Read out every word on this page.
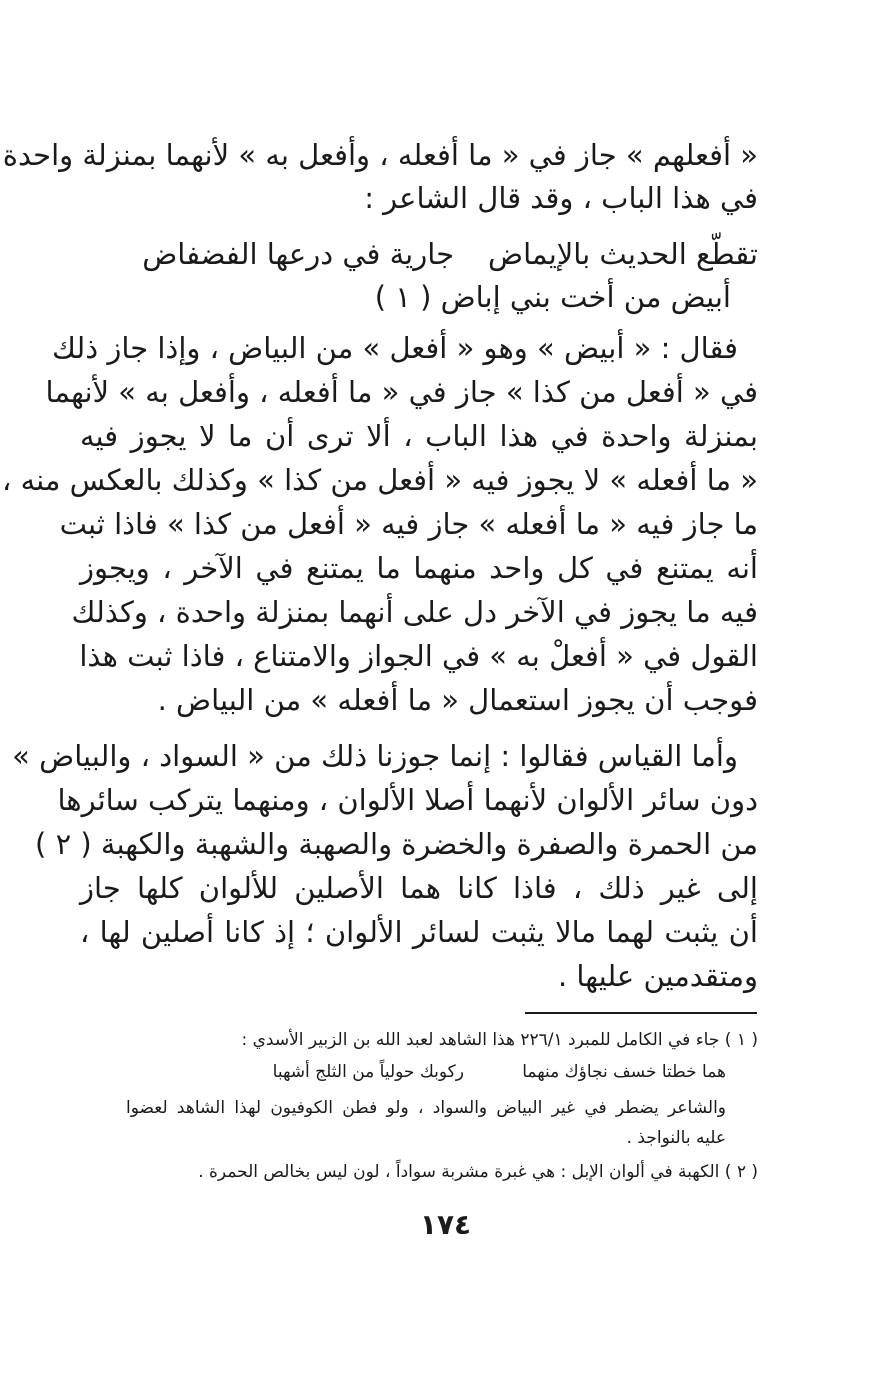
« أفعلهم » جاز في « ما أفعله ، وأفعل به » لأنهما بمنزلة واحدة
في هذا الباب ، وقد قال الشاعر :
جارية في درعها الفضفاض تقطّع الحديث بالإيماض
أبيض من أخت بني إباض ( ١ )
فقال : « أبيض » وهو « أفعل » من البياض ، وإذا جاز ذلك
في « أفعل من كذا » جاز في « ما أفعله ، وأفعل به » لأنهما
بمنزلة واحدة في هذا الباب ، ألا ترى أن ما لا يجوز فيه
« ما أفعله » لا يجوز فيه « أفعل من كذا » وكذلك بالعكس منه ،
ما جاز فيه « ما أفعله » جاز فيه « أفعل من كذا » فاذا ثبت
أنه يمتنع في كل واحد منهما ما يمتنع في الآخر ، ويجوز
فيه ما يجوز في الآخر دل على أنهما بمنزلة واحدة ، وكذلك
القول في « أفعلْ به » في الجواز والامتناع ، فاذا ثبت هذا
فوجب أن يجوز استعمال « ما أفعله » من البياض .
وأما القياس فقالوا : إنما جوزنا ذلك من « السواد ، والبياض »
دون سائر الألوان لأنهما أصلا الألوان ، ومنهما يتركب سائرها
من الحمرة والصفرة والخضرة والصهبة والشهبة والكهبة ( ٢ )
إلى غير ذلك ، فاذا كانا هما الأصلين للألوان كلها جاز
أن يثبت لهما مالا يثبت لسائر الألوان ؛ إذ كانا أصلين لها ،
ومتقدمين عليها .
( ١ ) جاء في الكامل للمبرد ٢٢٦/١ هذا الشاهد لعبد الله بن الزبير الأسدي :
هما خطتا خسف نجاؤك منهما
ركوبك حولياً من الثلج أشهبا
والشاعر يضطر في غير البياض والسواد ، ولو فطن الكوفيون لهذا الشاهد لعضوا
عليه بالنواجذ .
( ٢ ) الكهبة في ألوان الإبل : هي غبرة مشربة سواداً ، لون ليس بخالص الحمرة .
١٧٤
